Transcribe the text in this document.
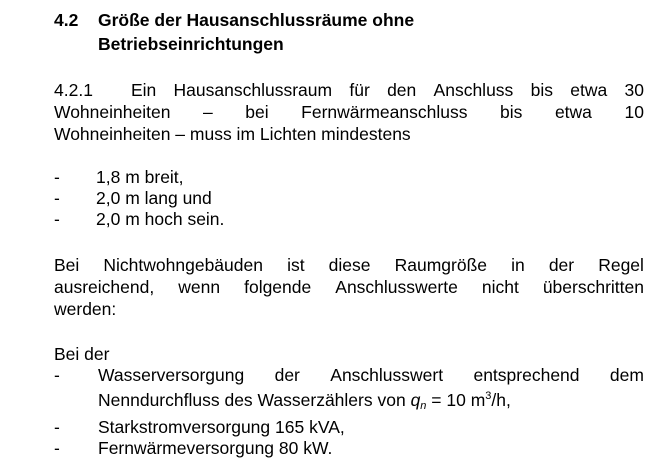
4.2	Größe der Hausanschlussräume ohne
Betriebseinrichtungen
4.2.1 Ein Hausanschlussraum für den Anschluss bis etwa 30
Wohneinheiten – bei Fernwärmeanschluss bis etwa 10
Wohneinheiten – muss im Lichten mindestens
-	1,8 m breit,
-	2,0 m lang und
-	2,0 m hoch sein.
Bei Nichtwohngebäuden ist diese Raumgröße in der Regel
ausreichend, wenn folgende Anschlusswerte nicht überschritten
werden:
Bei der
-	Wasserversorgung der Anschlusswert entsprechend dem
Nenndurchfluss des Wasserzählers von qn = 10 $m^3/h$,
-	Starkstromversorgung 165 kVA,
-	Fernwärmeversorgung 80 kW.
